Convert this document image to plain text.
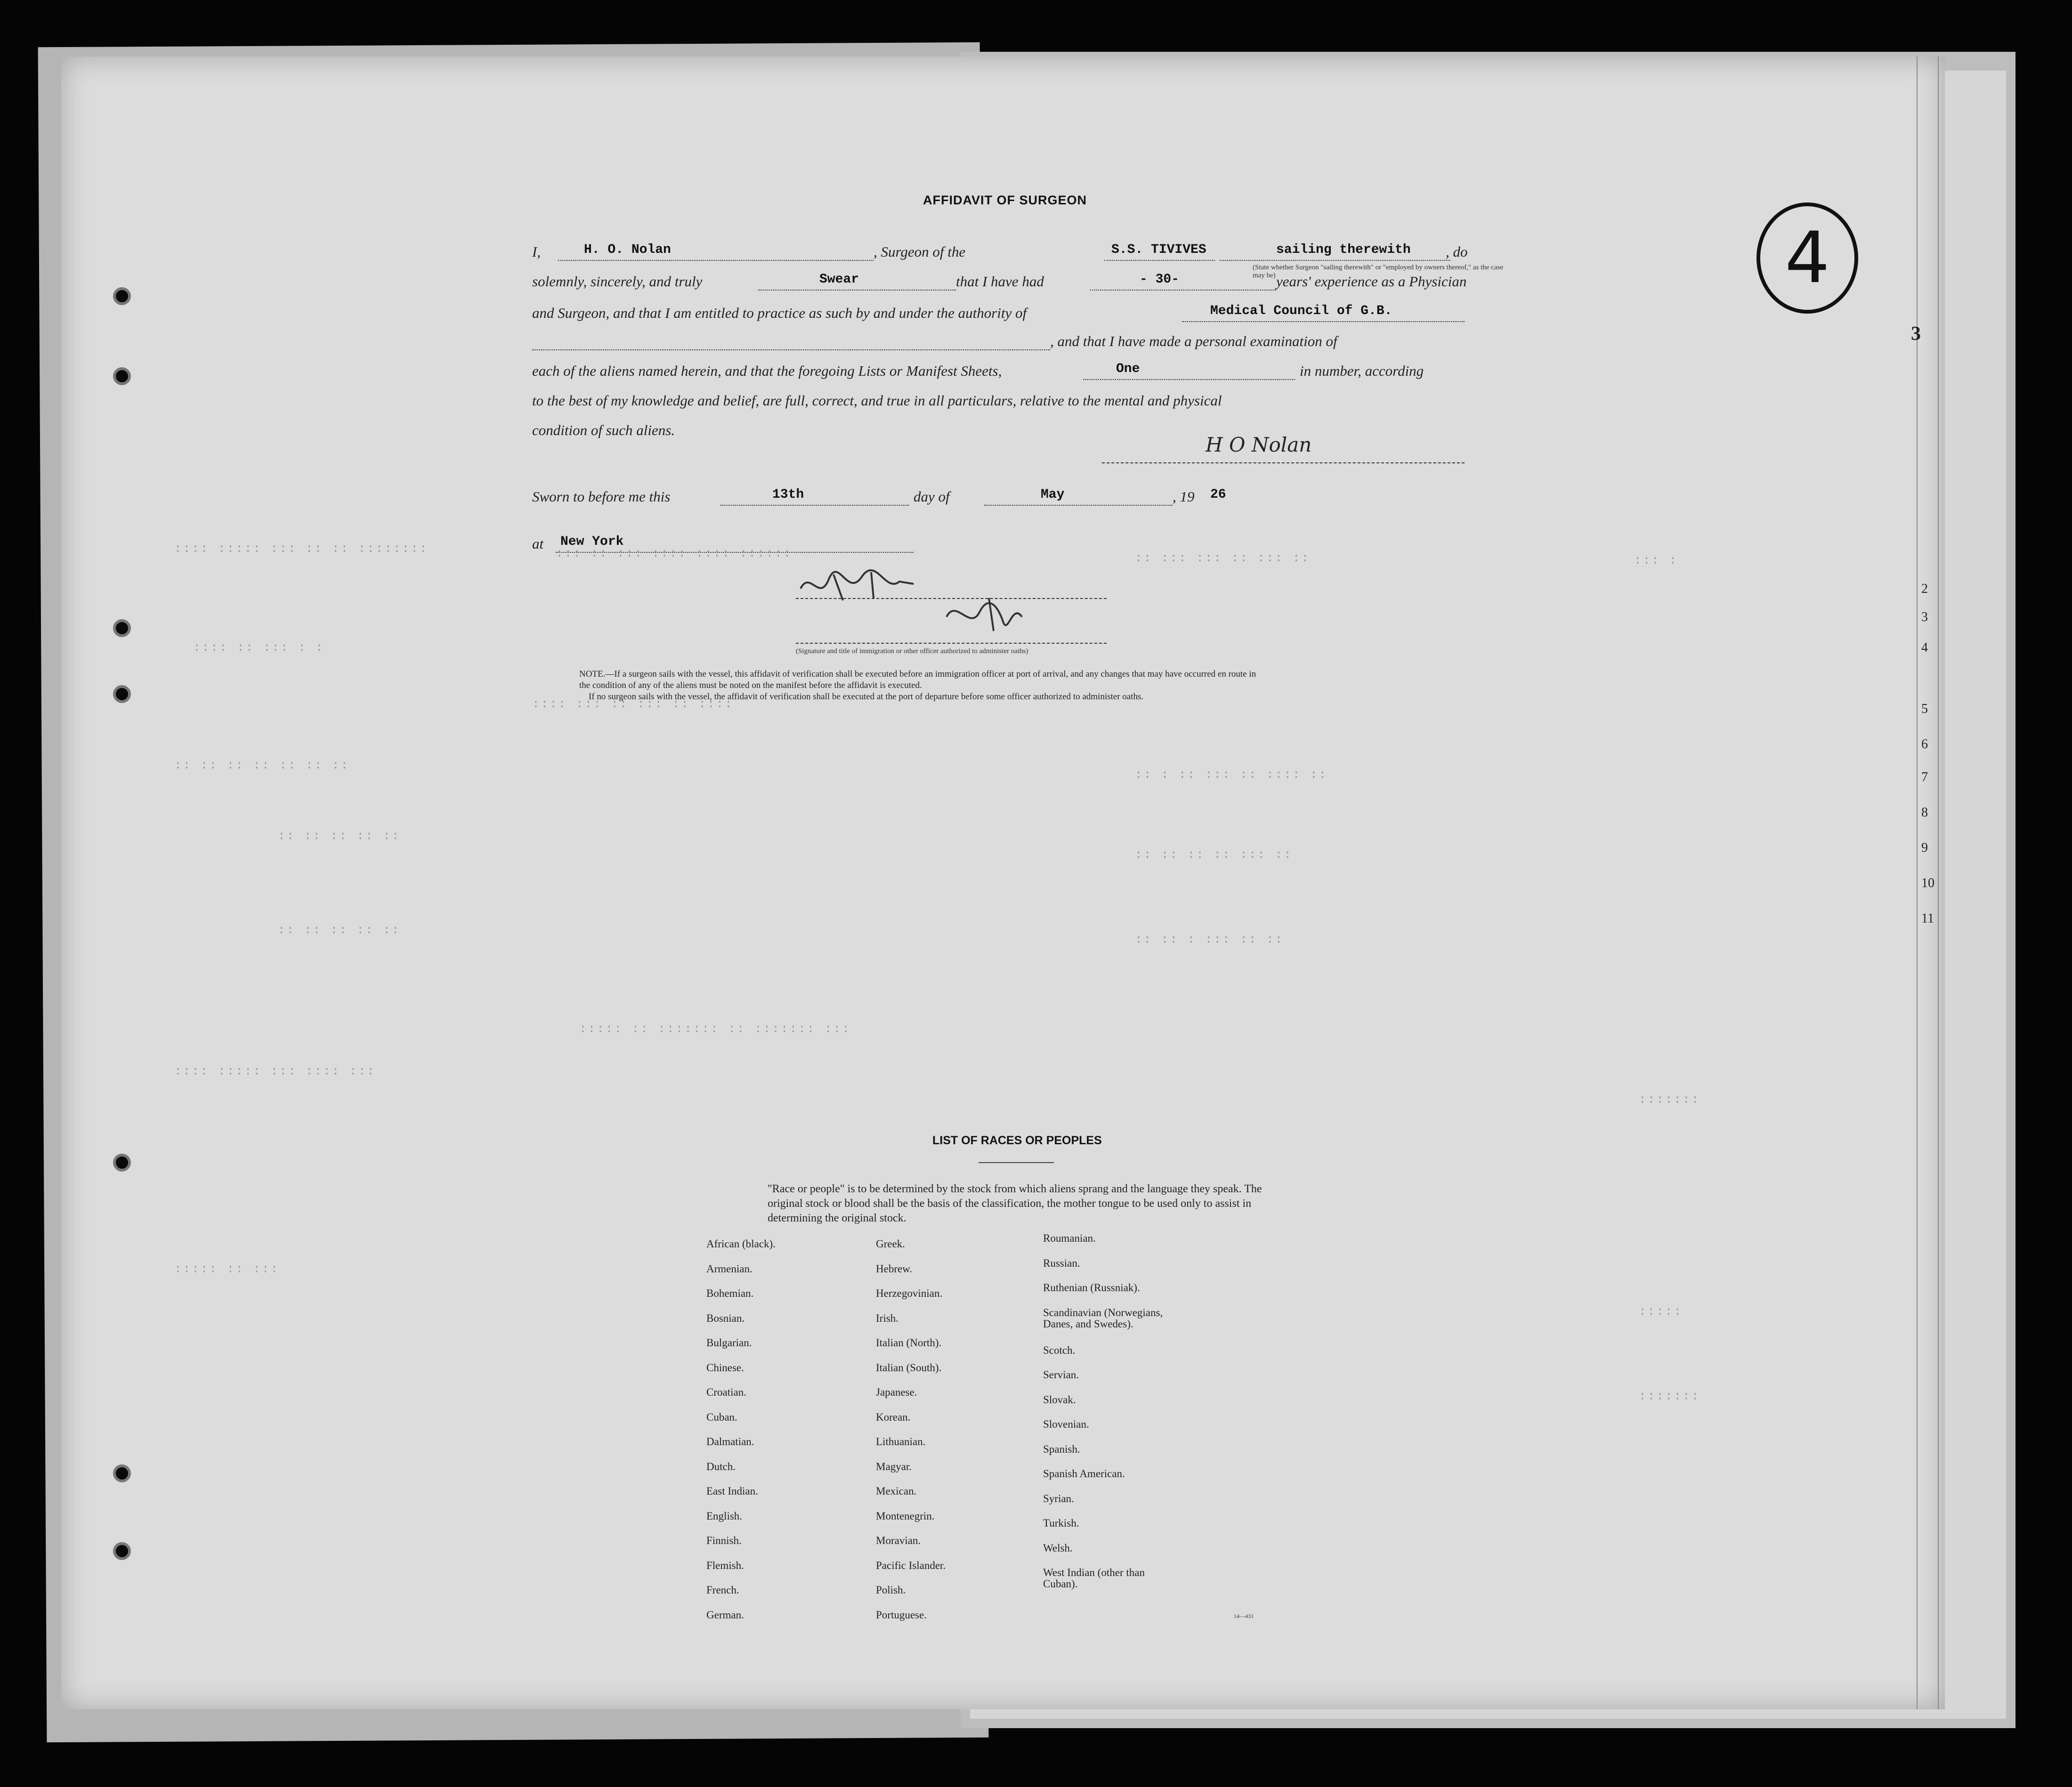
:::: ::::: ::: :: :: ::::::::	::: :: ::: :::: :::: ::::::	:: ::: ::: :: ::: ::	::: :
:::: :: ::: : :
:::: ::: :: ::: :: ::::
:: :: :: :: :: :: ::
:: : :: ::: :: :::: ::
:: :: :: :: ::
:: :: :: :: ::: ::
:: :: :: :: ::
:: :: : ::: :: ::
::::: :: ::::::: :: ::::::: :::
:::: ::::: ::: :::: :::
:::::::
::::: :: :::
:::::
:::::::
4
3
2
3
4
5
6
7
8
9
10
11
AFFIDAVIT OF SURGEON
I,	H. O. Nolan	, Surgeon of the	S.S. TIVIVES	sailing therewith , do
(State whether Surgeon "sailing therewith" or "employed by owners thereof," as the case may be)
solemnly, sincerely, and truly	Swear	that I have had	- 30-	years' experience as a Physician
and Surgeon, and that I am entitled to practice as such by and under the authority of	Medical Council of G.B.
, and that I have made a personal examination of
each of the aliens named herein, and that the foregoing Lists or Manifest Sheets,	One	in number, according
to the best of my knowledge and belief, are full, correct, and true in all particulars, relative to the mental and physical
condition of such aliens.
H O Nolan
Sworn to before me this	13th	day of	May	, 19 26
at New York
(Signature and title of immigration or other officer authorized to administer oaths)
NOTE.—If a surgeon sails with the vessel, this affidavit of verification shall be executed before an immigration officer at port of arrival, and any changes that may have occurred en route in
the condition of any of the aliens must be noted on the manifest before the affidavit is executed.
If no surgeon sails with the vessel, the affidavit of verification shall be executed at the port of departure before some officer authorized to administer oaths.
LIST OF RACES OR PEOPLES
"Race or people" is to be determined by the stock from which aliens sprang and the language they speak. The original stock or blood shall be the basis of the classification, the mother tongue to be used only to assist in determining the original stock.
African (black).
Armenian.
Bohemian.
Bosnian.
Bulgarian.
Chinese.
Croatian.
Cuban.
Dalmatian.
Dutch.
East Indian.
English.
Finnish.
Flemish.
French.
German.
Greek.
Hebrew.
Herzegovinian.
Irish.
Italian (North).
Italian (South).
Japanese.
Korean.
Lithuanian.
Magyar.
Mexican.
Montenegrin.
Moravian.
Pacific Islander.
Polish.
Portuguese.
Roumanian.
Russian.
Ruthenian (Russniak).
Scandinavian (Norwegians,
Danes, and Swedes).
Scotch.
Servian.
Slovak.
Slovenian.
Spanish.
Spanish American.
Syrian.
Turkish.
Welsh.
West Indian (other than
Cuban).
14—431
